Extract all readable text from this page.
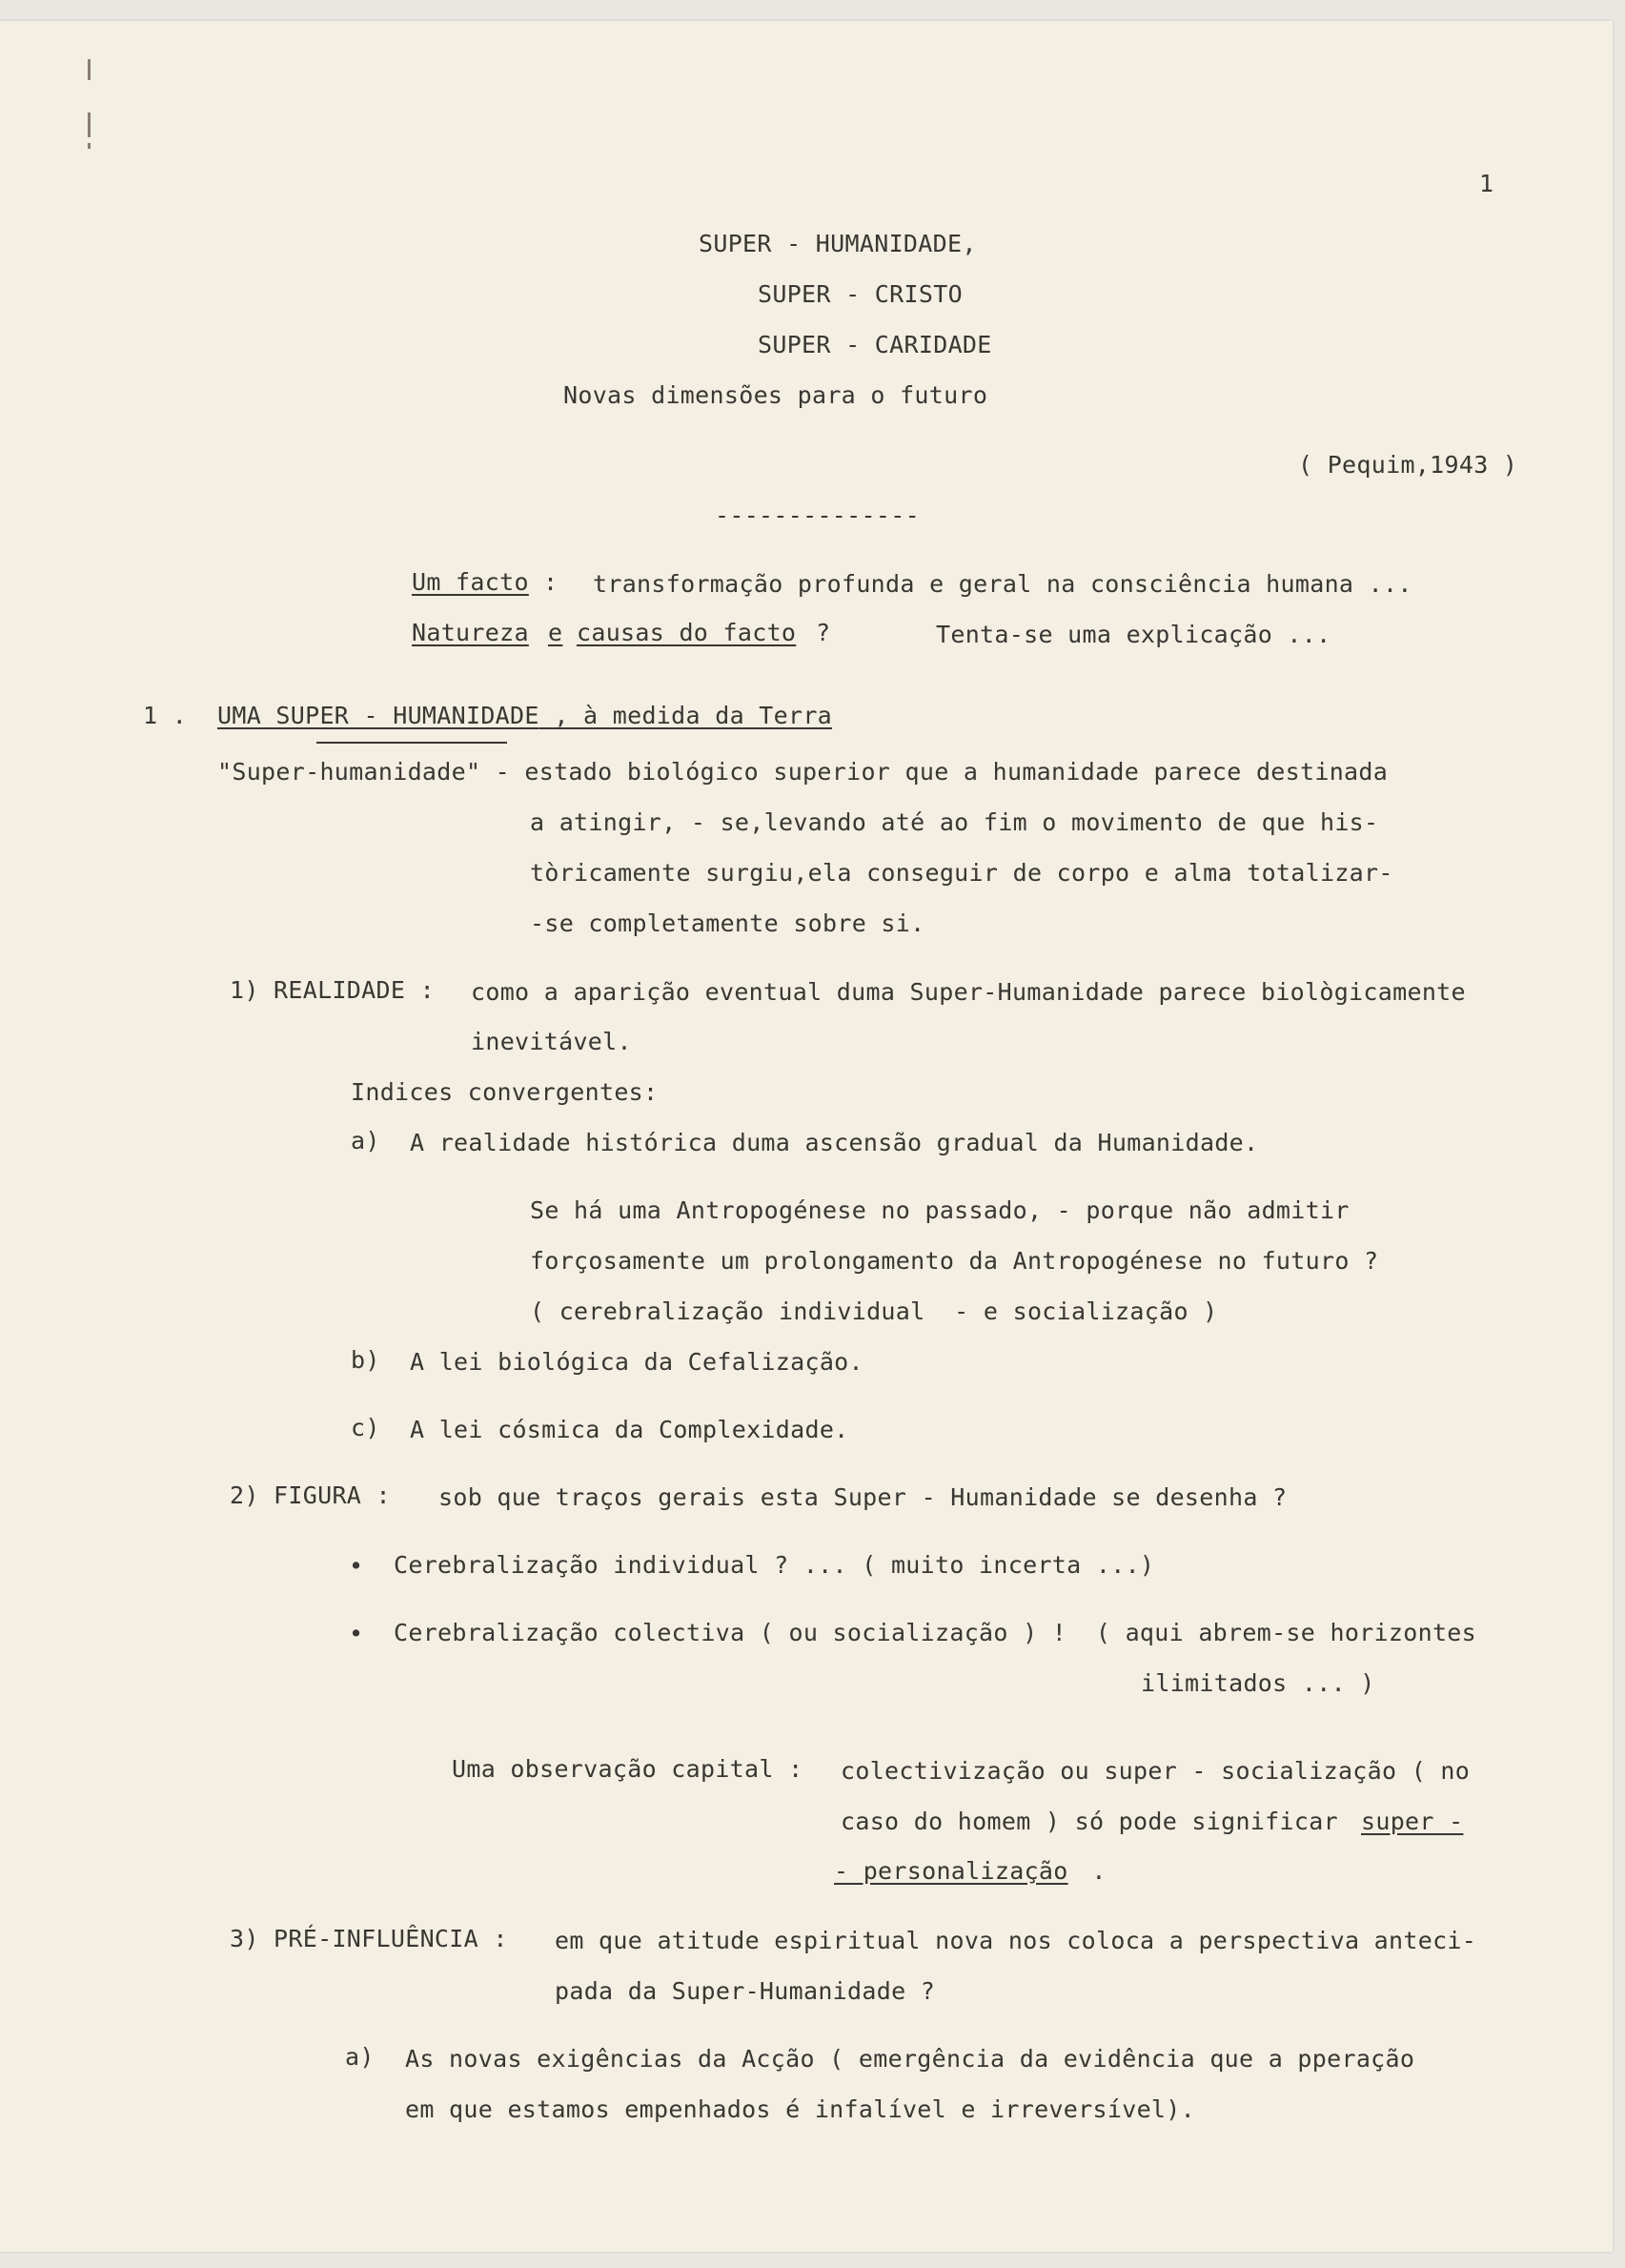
1
SUPER - HUMANIDADE,
SUPER - CRISTO
SUPER - CARIDADE
Novas dimensões para o futuro
( Pequim,1943 )
--------------
Um facto : transformação profunda e geral na consciência humana ...
Natureza e causas do facto ?	Tenta-se uma explicação ...
1 . UMA SUPER - HUMANIDADE , à medida da Terra
"Super-humanidade" - estado biológico superior que a humanidade parece destinada
a atingir, - se,levando até ao fim o movimento de que his-
tòricamente surgiu,ela conseguir de corpo e alma totalizar-
-se completamente sobre si.
1) REALIDADE : como a aparição eventual duma Super-Humanidade parece biològicamente
inevitável.
Indices convergentes:
a) A realidade histórica duma ascensão gradual da Humanidade.
Se há uma Antropogénese no passado, - porque não admitir
forçosamente um prolongamento da Antropogénese no futuro ?
( cerebralização individual  - e socialização )
b) A lei biológica da Cefalização.
c) A lei cósmica da Complexidade.
2) FIGURA : sob que traços gerais esta Super - Humanidade se desenha ?
• Cerebralização individual ? ... ( muito incerta ...)
• Cerebralização colectiva ( ou socialização ) !  ( aqui abrem-se horizontes
ilimitados ... )
Uma observação capital : colectivização ou super - socialização ( no
caso do homem ) só pode significar super -
- personalização .
3) PRÉ-INFLUÊNCIA : em que atitude espiritual nova nos coloca a perspectiva anteci-
pada da Super-Humanidade ?
a) As novas exigências da Acção ( emergência da evidência que a pperação
em que estamos empenhados é infalível e irreversível).
